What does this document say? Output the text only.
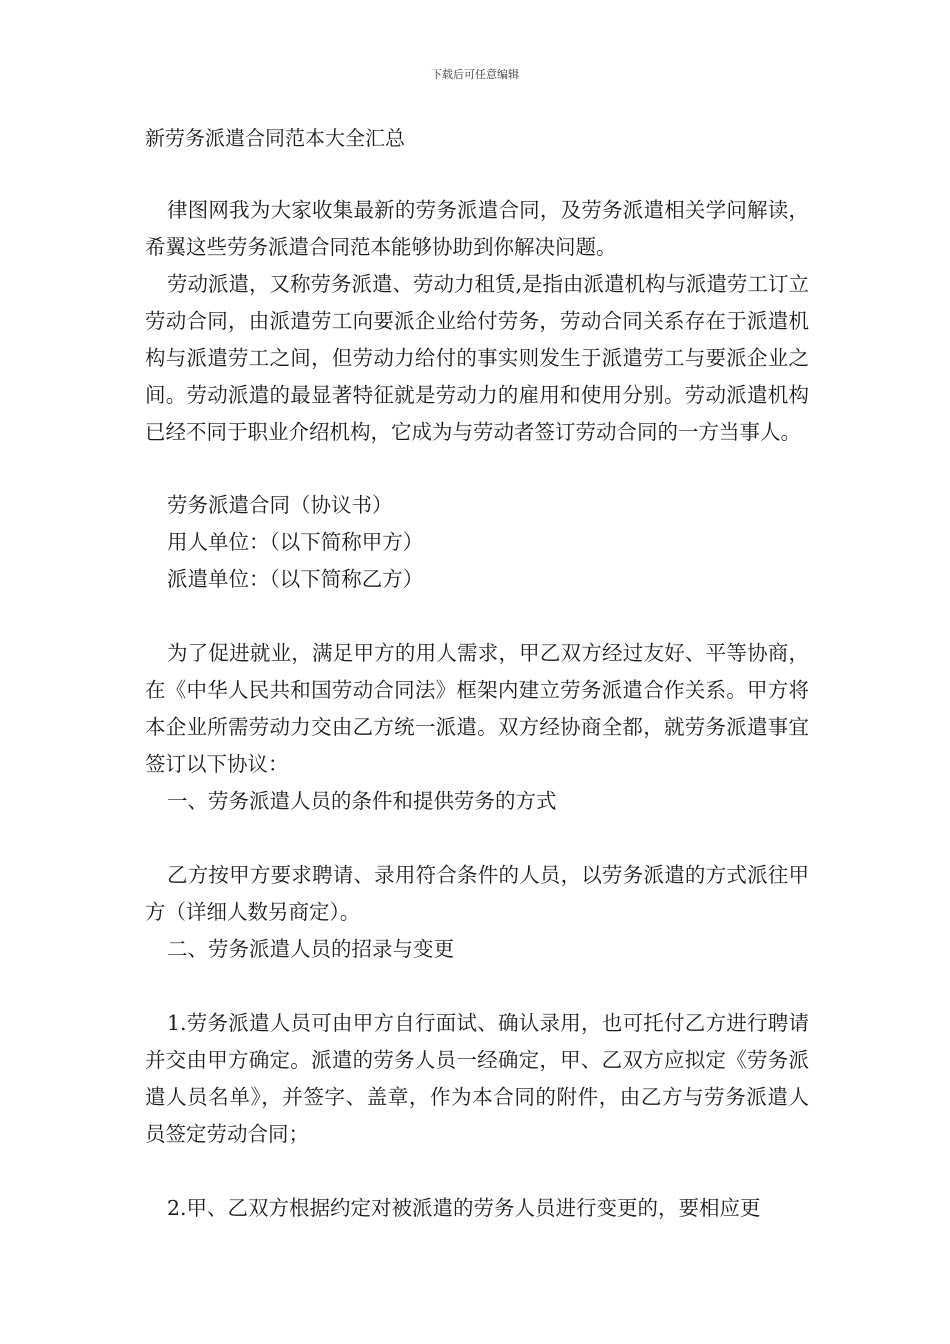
下载后可任意编辑
新劳务派遣合同范本大全汇总

律图网我为大家收集最新的劳务派遣合同，及劳务派遣相关学问解读，希翼这些劳务派遣合同范本能够协助到你解决问题。

劳动派遣，又称劳务派遣、劳动力租赁,是指由派遣机构与派遣劳工订立劳动合同，由派遣劳工向要派企业给付劳务，劳动合同关系存在于派遣机构与派遣劳工之间，但劳动力给付的事实则发生于派遣劳工与要派企业之间。劳动派遣的最显著特征就是劳动力的雇用和使用分别。劳动派遣机构已经不同于职业介绍机构，它成为与劳动者签订劳动合同的一方当事人。

劳务派遣合同（协议书）

用人单位：（以下简称甲方）

派遣单位：（以下简称乙方）

为了促进就业，满足甲方的用人需求，甲乙双方经过友好、平等协商，在《中华人民共和国劳动合同法》框架内建立劳务派遣合作关系。甲方将本企业所需劳动力交由乙方统一派遣。双方经协商全都，就劳务派遣事宜签订以下协议：

一、劳务派遣人员的条件和提供劳务的方式

乙方按甲方要求聘请、录用符合条件的人员，以劳务派遣的方式派往甲方（详细人数另商定）。

二、劳务派遣人员的招录与变更

1.劳务派遣人员可由甲方自行面试、确认录用，也可托付乙方进行聘请并交由甲方确定。派遣的劳务人员一经确定，甲、乙双方应拟定《劳务派遣人员名单》，并签字、盖章，作为本合同的附件，由乙方与劳务派遣人员签定劳动合同；

2.甲、乙双方根据约定对被派遣的劳务人员进行变更的，要相应更
